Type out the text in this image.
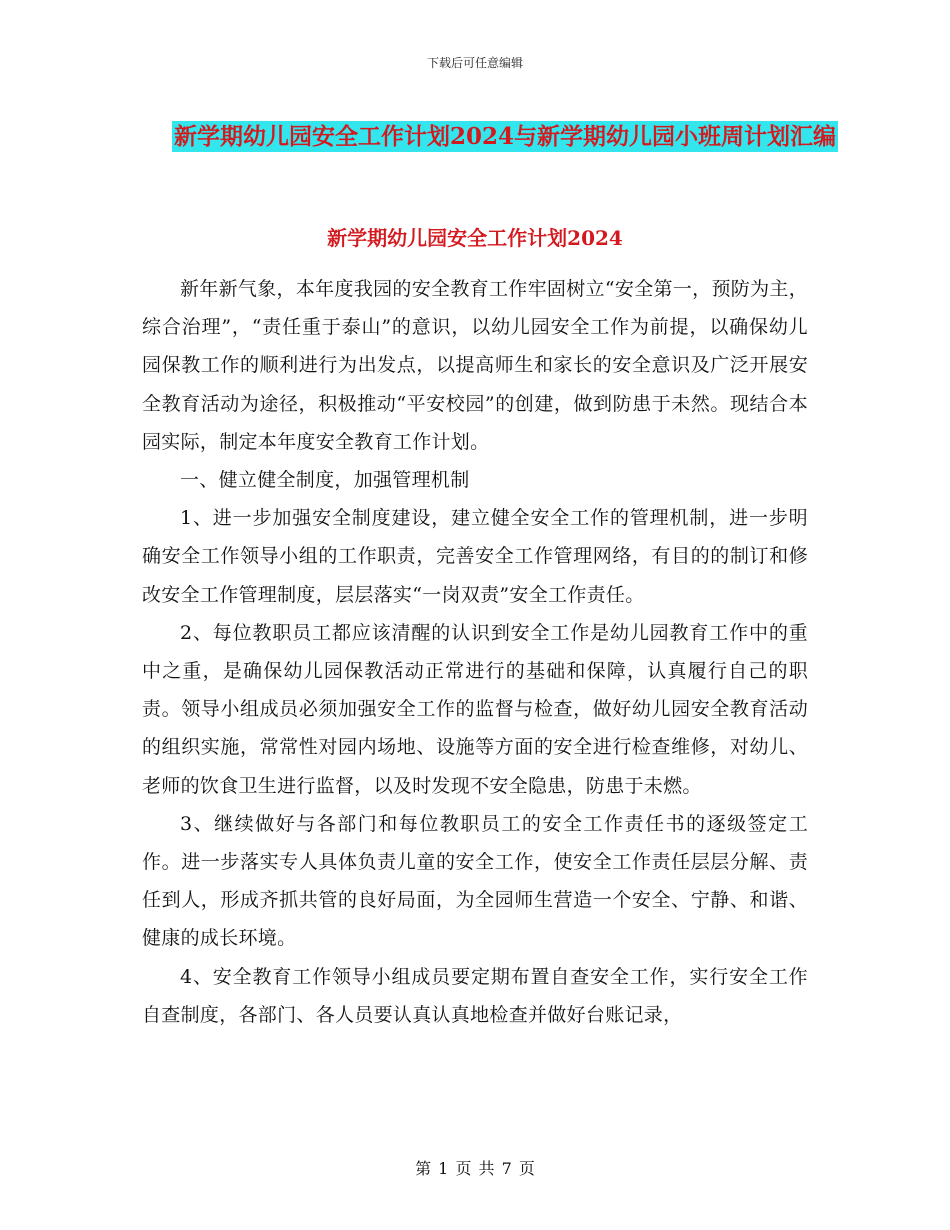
下载后可任意编辑
新学期幼儿园安全工作计划2024与新学期幼儿园小班周计划汇编
新学期幼儿园安全工作计划2024

新年新气象，本年度我园的安全教育工作牢固树立“安全第一，预防为主，综合治理”，“责任重于泰山”的意识，以幼儿园安全工作为前提，以确保幼儿园保教工作的顺利进行为出发点，以提高师生和家长的安全意识及广泛开展安全教育活动为途径，积极推动“平安校园”的创建，做到防患于未然。现结合本园实际，制定本年度安全教育工作计划。

一、健立健全制度，加强管理机制

1、进一步加强安全制度建设，建立健全安全工作的管理机制，进一步明确安全工作领导小组的工作职责，完善安全工作管理网络，有目的的制订和修改安全工作管理制度，层层落实“一岗双责”安全工作责任。

2、每位教职员工都应该清醒的认识到安全工作是幼儿园教育工作中的重中之重，是确保幼儿园保教活动正常进行的基础和保障，认真履行自己的职责。领导小组成员必须加强安全工作的监督与检查，做好幼儿园安全教育活动的组织实施，常常性对园内场地、设施等方面的安全进行检查维修，对幼儿、老师的饮食卫生进行监督，以及时发现不安全隐患，防患于未燃。

3、继续做好与各部门和每位教职员工的安全工作责任书的逐级签定工作。进一步落实专人具体负责儿童的安全工作，使安全工作责任层层分解、责任到人，形成齐抓共管的良好局面，为全园师生营造一个安全、宁静、和谐、健康的成长环境。

4、安全教育工作领导小组成员要定期布置自查安全工作，实行安全工作自查制度，各部门、各人员要认真认真地检查并做好台账记录，

第 1 页 共 7 页
